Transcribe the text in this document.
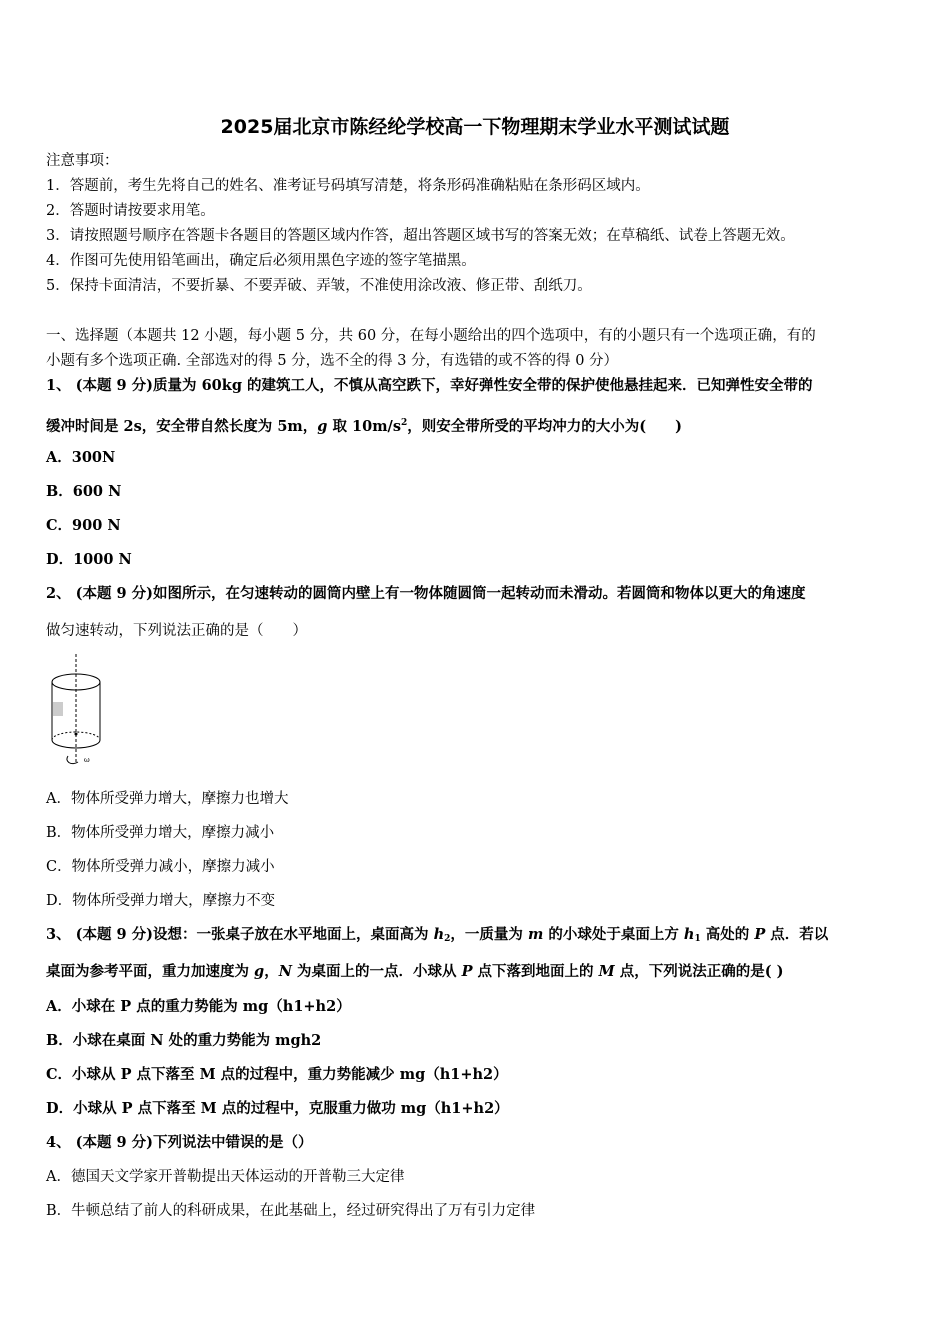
2025届北京市陈经纶学校高一下物理期末学业水平测试试题
注意事项：
1．答题前，考生先将自己的姓名、准考证号码填写清楚，将条形码准确粘贴在条形码区域内。
2．答题时请按要求用笔。
3．请按照题号顺序在答题卡各题目的答题区域内作答，超出答题区域书写的答案无效；在草稿纸、试卷上答题无效。
4．作图可先使用铅笔画出，确定后必须用黑色字迹的签字笔描黑。
5．保持卡面清洁，不要折暴、不要弄破、弄皱，不准使用涂改液、修正带、刮纸刀。
一、选择题（本题共 12 小题，每小题 5 分，共 60 分，在每小题给出的四个选项中，有的小题只有一个选项正确，有的
小题有多个选项正确. 全部选对的得 5 分，选不全的得 3 分，有选错的或不答的得 0 分）
1、 (本题 9 分)质量为 60kg 的建筑工人，不慎从高空跌下，幸好弹性安全带的保护使他悬挂起来．已知弹性安全带的
缓冲时间是 2s，安全带自然长度为 5m，g 取 $10m/s^2$，则安全带所受的平均冲力的大小为(　　)
A．300N
B．600 N
C．900 N
D．1000 N
2、 (本题 9 分)如图所示，在匀速转动的圆筒内壁上有一物体随圆筒一起转动而未滑动。若圆筒和物体以更大的角速度
做匀速转动，下列说法正确的是（　　）
ω
A．物体所受弹力增大，摩擦力也增大
B．物体所受弹力增大，摩擦力减小
C．物体所受弹力减小，摩擦力减小
D．物体所受弹力增大，摩擦力不变
3、 (本题 9 分)设想：一张桌子放在水平地面上，桌面高为 $h_2$，一质量为 m 的小球处于桌面上方 $h_1$ 高处的 P 点．若以
桌面为参考平面，重力加速度为 g，N 为桌面上的一点．小球从 P 点下落到地面上的 M 点，下列说法正确的是( )
A．小球在 P 点的重力势能为 mg（h1+h2）
B．小球在桌面 N 处的重力势能为 mgh2
C．小球从 P 点下落至 M 点的过程中，重力势能减少 mg（h1+h2）
D．小球从 P 点下落至 M 点的过程中，克服重力做功 mg（h1+h2）
4、 (本题 9 分)下列说法中错误的是（）
A．德国天文学家开普勒提出天体运动的开普勒三大定律
B．牛顿总结了前人的科研成果，在此基础上，经过研究得出了万有引力定律
